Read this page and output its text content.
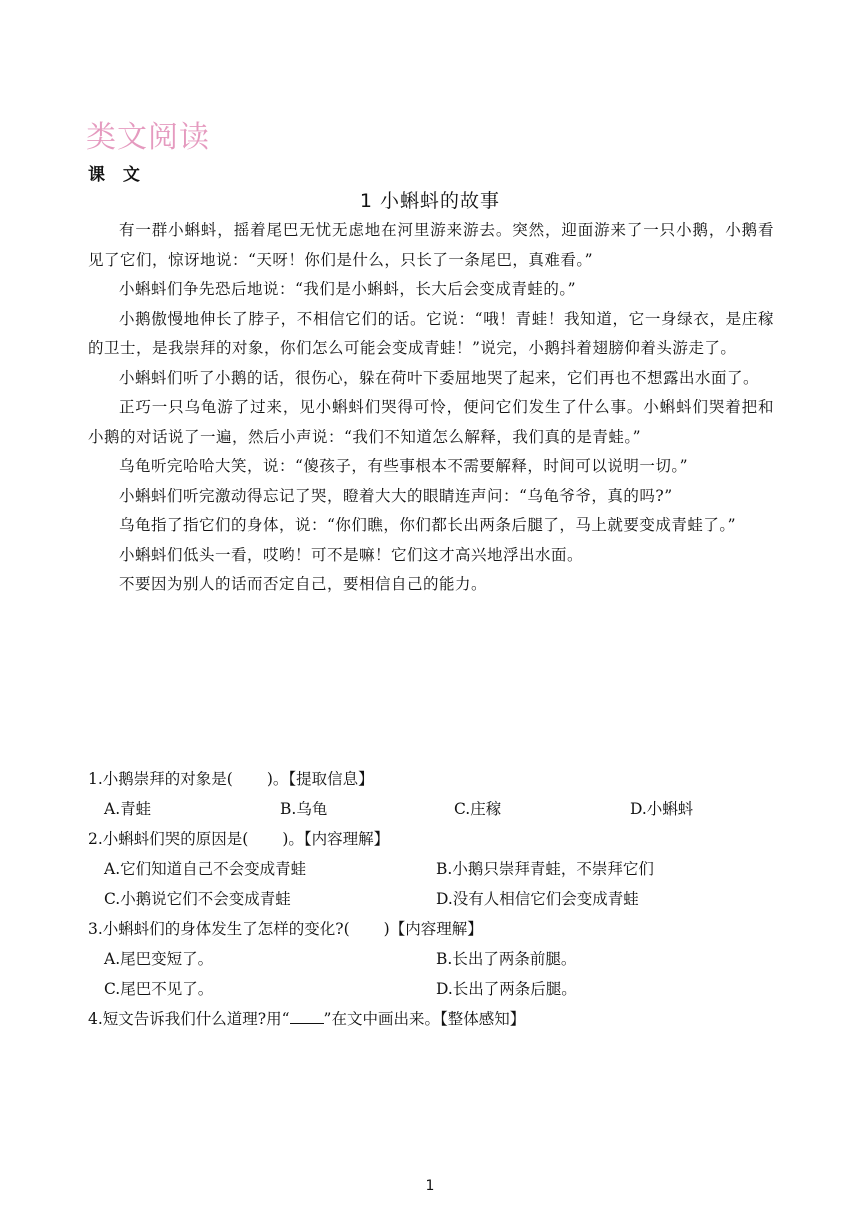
类文阅读
课 文
1 小蝌蚪的故事

有一群小蝌蚪，摇着尾巴无忧无虑地在河里游来游去。突然，迎面游来了一只小鹅，小鹅看见了它们，惊讶地说：“天呀！你们是什么，只长了一条尾巴，真难看。”

小蝌蚪们争先恐后地说：“我们是小蝌蚪，长大后会变成青蛙的。”

小鹅傲慢地伸长了脖子，不相信它们的话。它说：“哦！青蛙！我知道，它一身绿衣，是庄稼的卫士，是我崇拜的对象，你们怎么可能会变成青蛙！”说完，小鹅抖着翅膀仰着头游走了。

小蝌蚪们听了小鹅的话，很伤心，躲在荷叶下委屈地哭了起来，它们再也不想露出水面了。

正巧一只乌龟游了过来，见小蝌蚪们哭得可怜，便问它们发生了什么事。小蝌蚪们哭着把和小鹅的对话说了一遍，然后小声说：“我们不知道怎么解释，我们真的是青蛙。”

乌龟听完哈哈大笑，说：“傻孩子，有些事根本不需要解释，时间可以说明一切。”

小蝌蚪们听完激动得忘记了哭，瞪着大大的眼睛连声问：“乌龟爷爷，真的吗?”

乌龟指了指它们的身体，说：“你们瞧，你们都长出两条后腿了，马上就要变成青蛙了。”

小蝌蚪们低头一看，哎哟！可不是嘛！它们这才高兴地浮出水面。

不要因为别人的话而否定自己，要相信自己的能力。

1.小鹅崇拜的对象是( )。【提取信息】
A.青蛙	B.乌龟	C.庄稼	D.小蝌蚪
2.小蝌蚪们哭的原因是( )。【内容理解】
A.它们知道自己不会变成青蛙	B.小鹅只崇拜青蛙，不崇拜它们
C.小鹅说它们不会变成青蛙	D.没有人相信它们会变成青蛙
3.小蝌蚪们的身体发生了怎样的变化?( )【内容理解】
A.尾巴变短了。	B.长出了两条前腿。
C.尾巴不见了。	D.长出了两条后腿。
4.短文告诉我们什么道理?用“ ”在文中画出来。【整体感知】
1
